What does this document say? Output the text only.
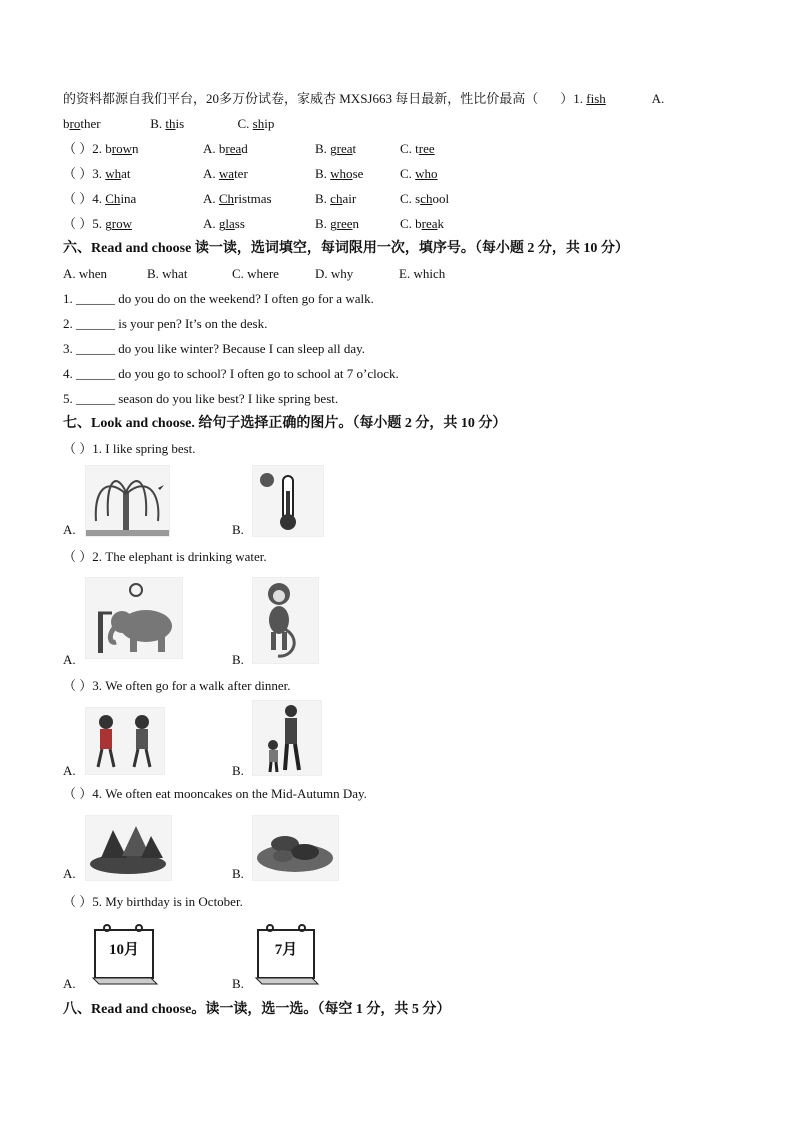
的资料都源自我们平台，20多万份试卷，家威杏 MXSJ663 每日最新，性比价最高（ ）1. fish	A.
brother	B. this	C. ship
（ ）2. brown	A. bread	B. great	C. tree
（ ）3. what	A. water	B. whose	C. who
（ ）4. China	A. Christmas	B. chair	C. school
（ ）5. grow	A. glass	B. green	C. break
六、Read and choose 读一读，选词填空，每词限用一次，填序号。（每小题 2 分，共 10 分）
A. when	B. what	C. where	D. why	E. which
1. ______ do you do on the weekend? I often go for a walk.
2. ______ is your pen? It’s on the desk.
3. ______ do you like winter? Because I can sleep all day.
4. ______ do you go to school? I often go to school at 7 o’clock.
5. ______ season do you like best? I like spring best.
七、Look and choose. 给句子选择正确的图片。（每小题 2 分，共 10 分）
（ ）1. I like spring best.
A.	B.
（ ）2. The elephant is drinking water.
A.	B.
（ ）3. We often go for a walk after dinner.
A.	B.
（ ）4. We often eat mooncakes on the Mid-Autumn Day.
A.	B.
（ ）5. My birthday is in October.
10月
A.
7月
B.
八、Read and choose。读一读，选一选。（每空 1 分，共 5 分）
